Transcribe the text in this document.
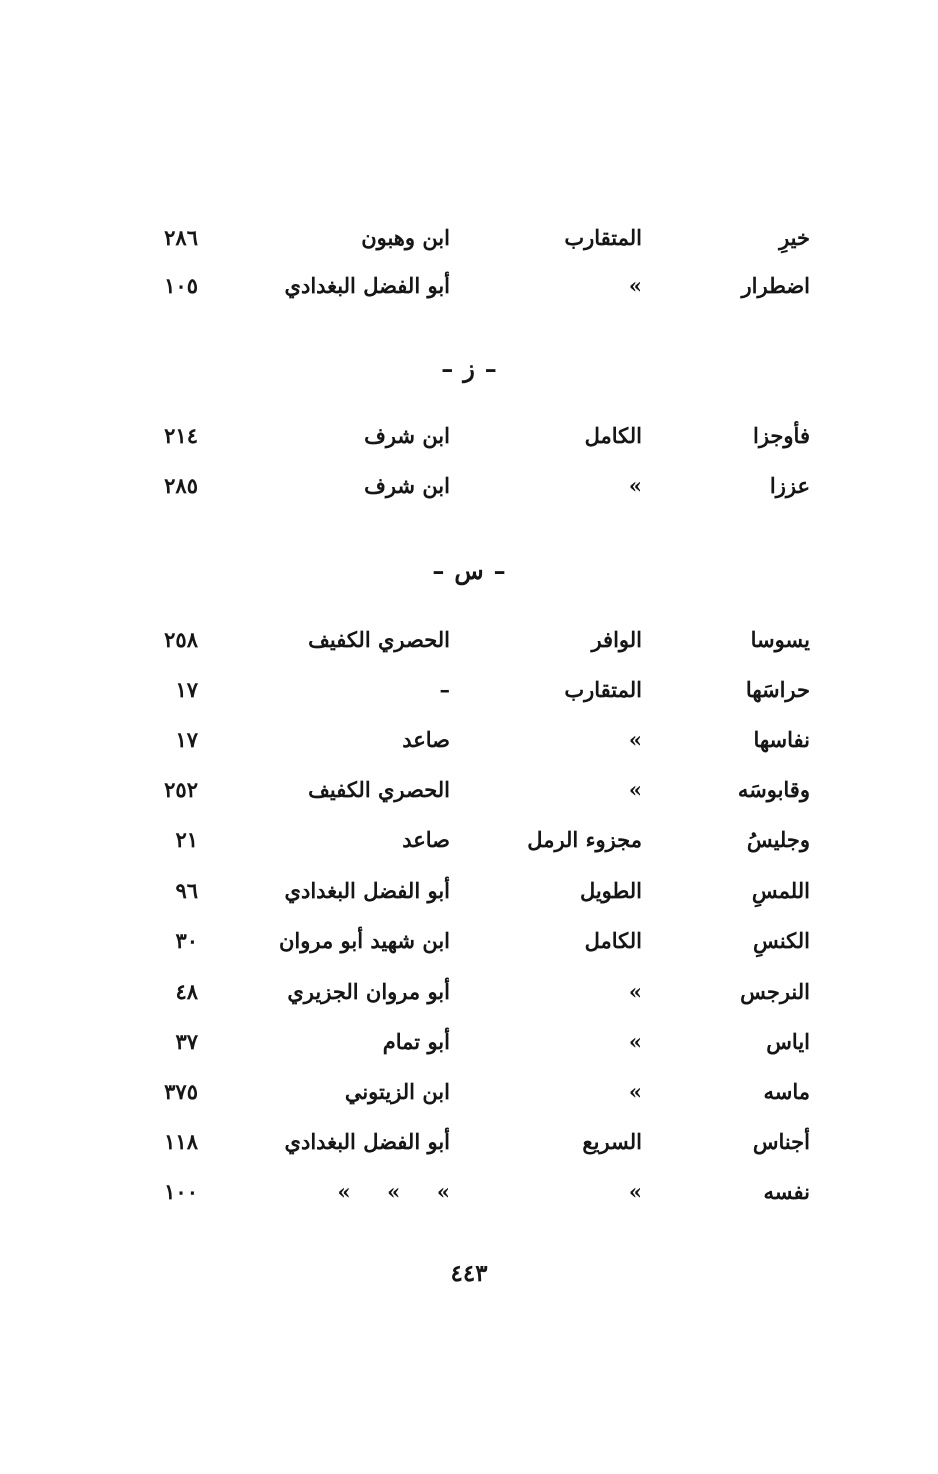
خيرِ
المتقارب
ابن وهبون
٢٨٦
اضطرار
»
أبو الفضل البغدادي
١٠٥
–ز–
فأوجزا
الكامل
ابن شرف
٢١٤
عززا
»
ابن شرف
٢٨٥
–س–
يسوسا
الوافر
الحصري الكفيف
٢٥٨
حراسَها
المتقارب
–
١٧
نفاسها
»
صاعد
١٧
وقابوسَه
»
الحصري الكفيف
٢٥٢
وجليسُ
مجزوء الرمل
صاعد
٢١
اللمسِ
الطويل
أبو الفضل البغدادي
٩٦
الكنسِ
الكامل
ابن شهيد أبو مروان
٣٠
النرجس
»
أبو مروان الجزيري
٤٨
اياس
»
أبو تمام
٣٧
ماسه
»
ابن الزيتوني
٣٧٥
أجناس
السريع
أبو الفضل البغدادي
١١٨
نفسه
»
»     »     »
١٠٠
٤٤٣
